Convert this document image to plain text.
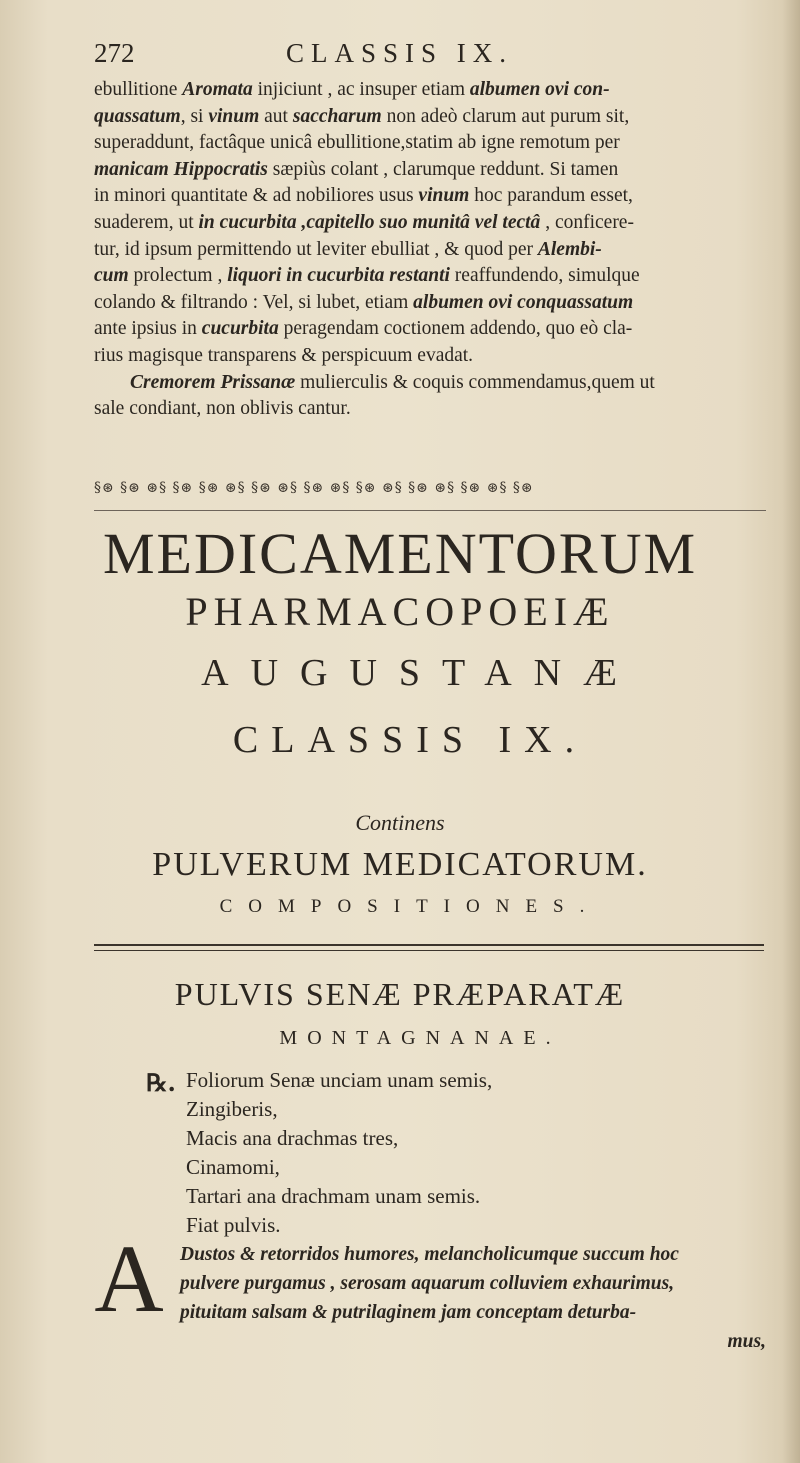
272	CLASSIS IX.
ebullitione Aromata injiciunt , ac insuper etiam albumen ovi con-
quassatum, si vinum aut saccharum non adeò clarum aut purum sit,
superaddunt, factâque unicâ ebullitione,statim ab igne remotum per
manicam Hippocratis sæpiùs colant , clarumque reddunt. Si tamen
in minori quantitate & ad nobiliores usus vinum hoc parandum esset,
suaderem, ut in cucurbita ,capitello suo munitâ vel tectâ , conficere-
tur, id ipsum permittendo ut leviter ebulliat , & quod per Alembi-
cum prolectum , liquori in cucurbita restanti reaffundendo, simulque
colando & filtrando : Vel, si lubet, etiam albumen ovi conquassatum
ante ipsius in cucurbita peragendam coctionem addendo, quo eò cla-
rius magisque transparens & perspicuum evadat.
Cremorem Prissanæ mulierculis & coquis commendamus,quem ut
sale condiant, non oblivis cantur.
§⊛ §⊛ ⊛§ §⊛ §⊛ ⊛§ §⊛ ⊛§ §⊛ ⊛§ §⊛ ⊛§ §⊛ ⊛§ §⊛ ⊛§ §⊛
MEDICAMENTORUM
PHARMACOPOEIÆ
AUGUSTANÆ
CLASSIS IX.
Continens
PULVERUM MEDICATORUM.
COMPOSITIONES.
PULVIS SENÆ PRÆPARATÆ
MONTAGNANAE.
℞. Foliorum Senæ unciam unam semis,
Zingiberis,
Macis ana drachmas tres,
Cinamomi,
Tartari ana drachmam unam semis.
Fiat pulvis.
A Dustos & retorridos humores, melancholicumque succum hoc
pulvere purgamus , serosam aquarum colluviem exhaurimus,
pituitam salsam & putrilaginem jam conceptam deturba-
mus,
